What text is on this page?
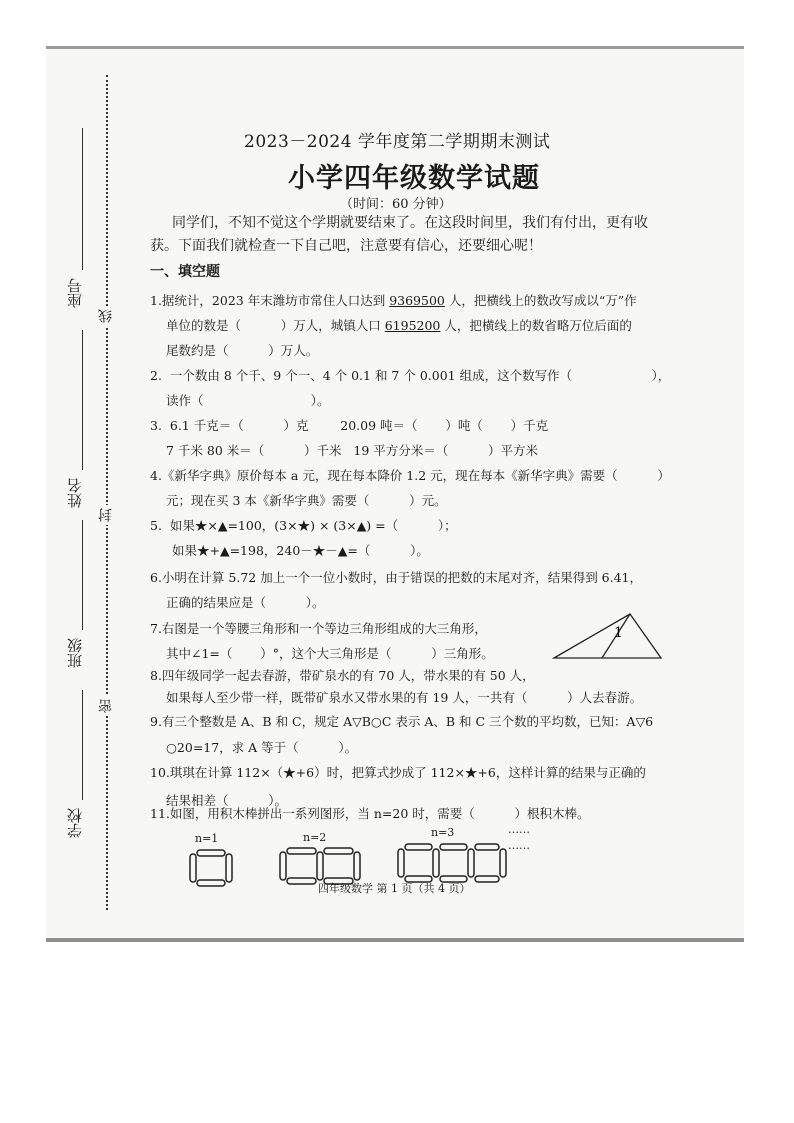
座号
姓名
班级
学校
线
封
密
2023－2024 学年度第二学期期末测试
小学四年级数学试题
（时间：60 分钟）
同学们，不知不觉这个学期就要结束了。在这段时间里，我们有付出，更有收获。下面我们就检查一下自己吧，注意要有信心，还要细心呢！
一、填空题
1.据统计，2023 年末潍坊市常住人口达到 9369500 人，把横线上的数改写成以“万”作
单位的数是（          ）万人，城镇人口 6195200 人，把横线上的数省略万位后面的
尾数约是（          ）万人。
2.  一个数由 8 个千、9 个一、4 个 0.1 和 7 个 0.001 组成，这个数写作（                    ），
读作（                           ）。
3.  6.1 千克＝（          ）克        20.09 吨＝（       ）吨（       ）千克
7 千米 80 米＝（          ）千米   19 平方分米＝（          ）平方米
4.《新华字典》原价每本 a 元，现在每本降价 1.2 元，现在每本《新华字典》需要（          ）
元；现在买 3 本《新华字典》需要（          ）元。
5.  如果★×▲=100，(3×★) × (3×▲) =（          ）；
如果★+▲=198，240－★－▲=（          ）。
6.小明在计算 5.72 加上一个一位小数时，由于错误的把数的末尾对齐，结果得到 6.41，
正确的结果应是（          ）。
7.右图是一个等腰三角形和一个等边三角形组成的大三角形，
其中∠1=（       ）°，这个大三角形是（          ）三角形。
1
8.四年级同学一起去春游，带矿泉水的有 70 人，带水果的有 50 人，
如果每人至少带一样，既带矿泉水又带水果的有 19 人，一共有（          ）人去春游。
9.有三个整数是 A、B 和 C，规定 A▽B○C 表示 A、B 和 C 三个数的平均数，已知：A▽6
○20=17，求 A 等于（          ）。
10.琪琪在计算 112×（★+6）时，把算式抄成了 112×★+6，这样计算的结果与正确的
结果相差（          ）。
11.如图，用积木棒拼出一系列图形，当 n=20 时，需要（          ）根积木棒。
n=1	n=2	n=3	……
……
四年级数学 第 1 页（共 4 页）
